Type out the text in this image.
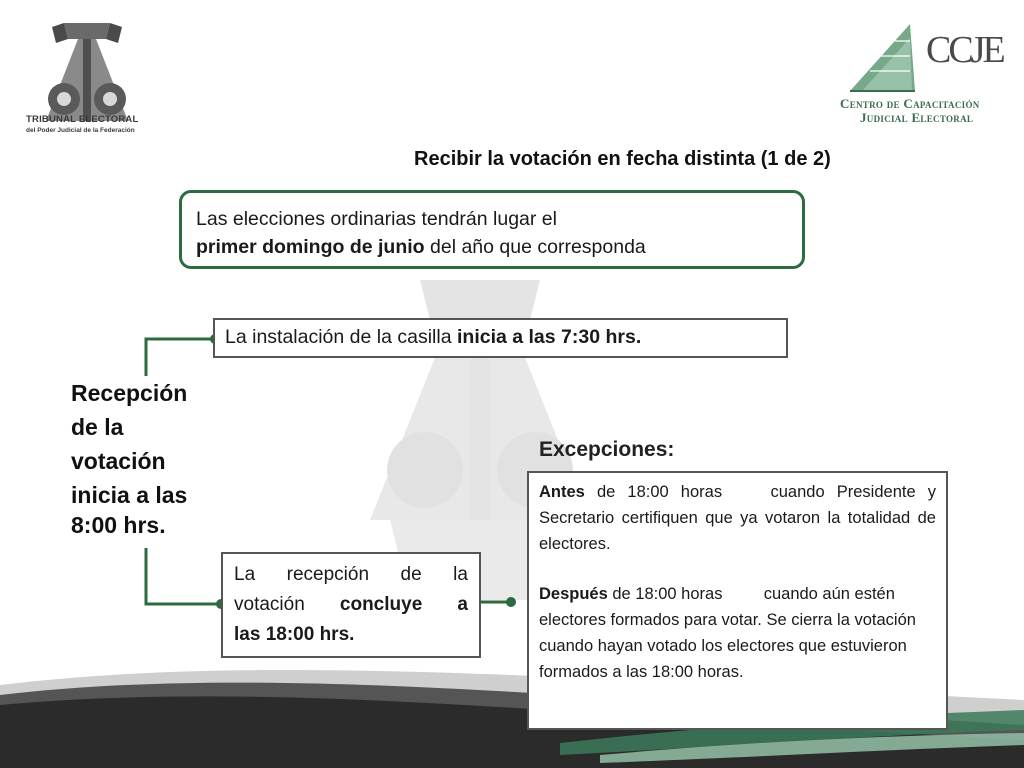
TRIBUNAL ELECTORAL
del Poder Judicial de la Federación
CCJE
Centro de Capacitación
Judicial Electoral
Recibir la votación en fecha distinta (1 de 2)
Las elecciones ordinarias tendrán lugar el
primer domingo de junio del año que corresponda
La instalación de la casilla inicia a las 7:30 hrs.
Recepción
de la
votación
inicia a las
8:00 hrs.
La recepción de la
votación concluye a
las 18:00 hrs.
Excepciones:
Antes de 18:00 horas    cuando Presidente y Secretario certifiquen que ya votaron la totalidad de electores.
Después de 18:00 horas         cuando aún estén electores formados para votar. Se cierra la votación cuando hayan votado los electores que estuvieron formados a las 18:00 horas.
